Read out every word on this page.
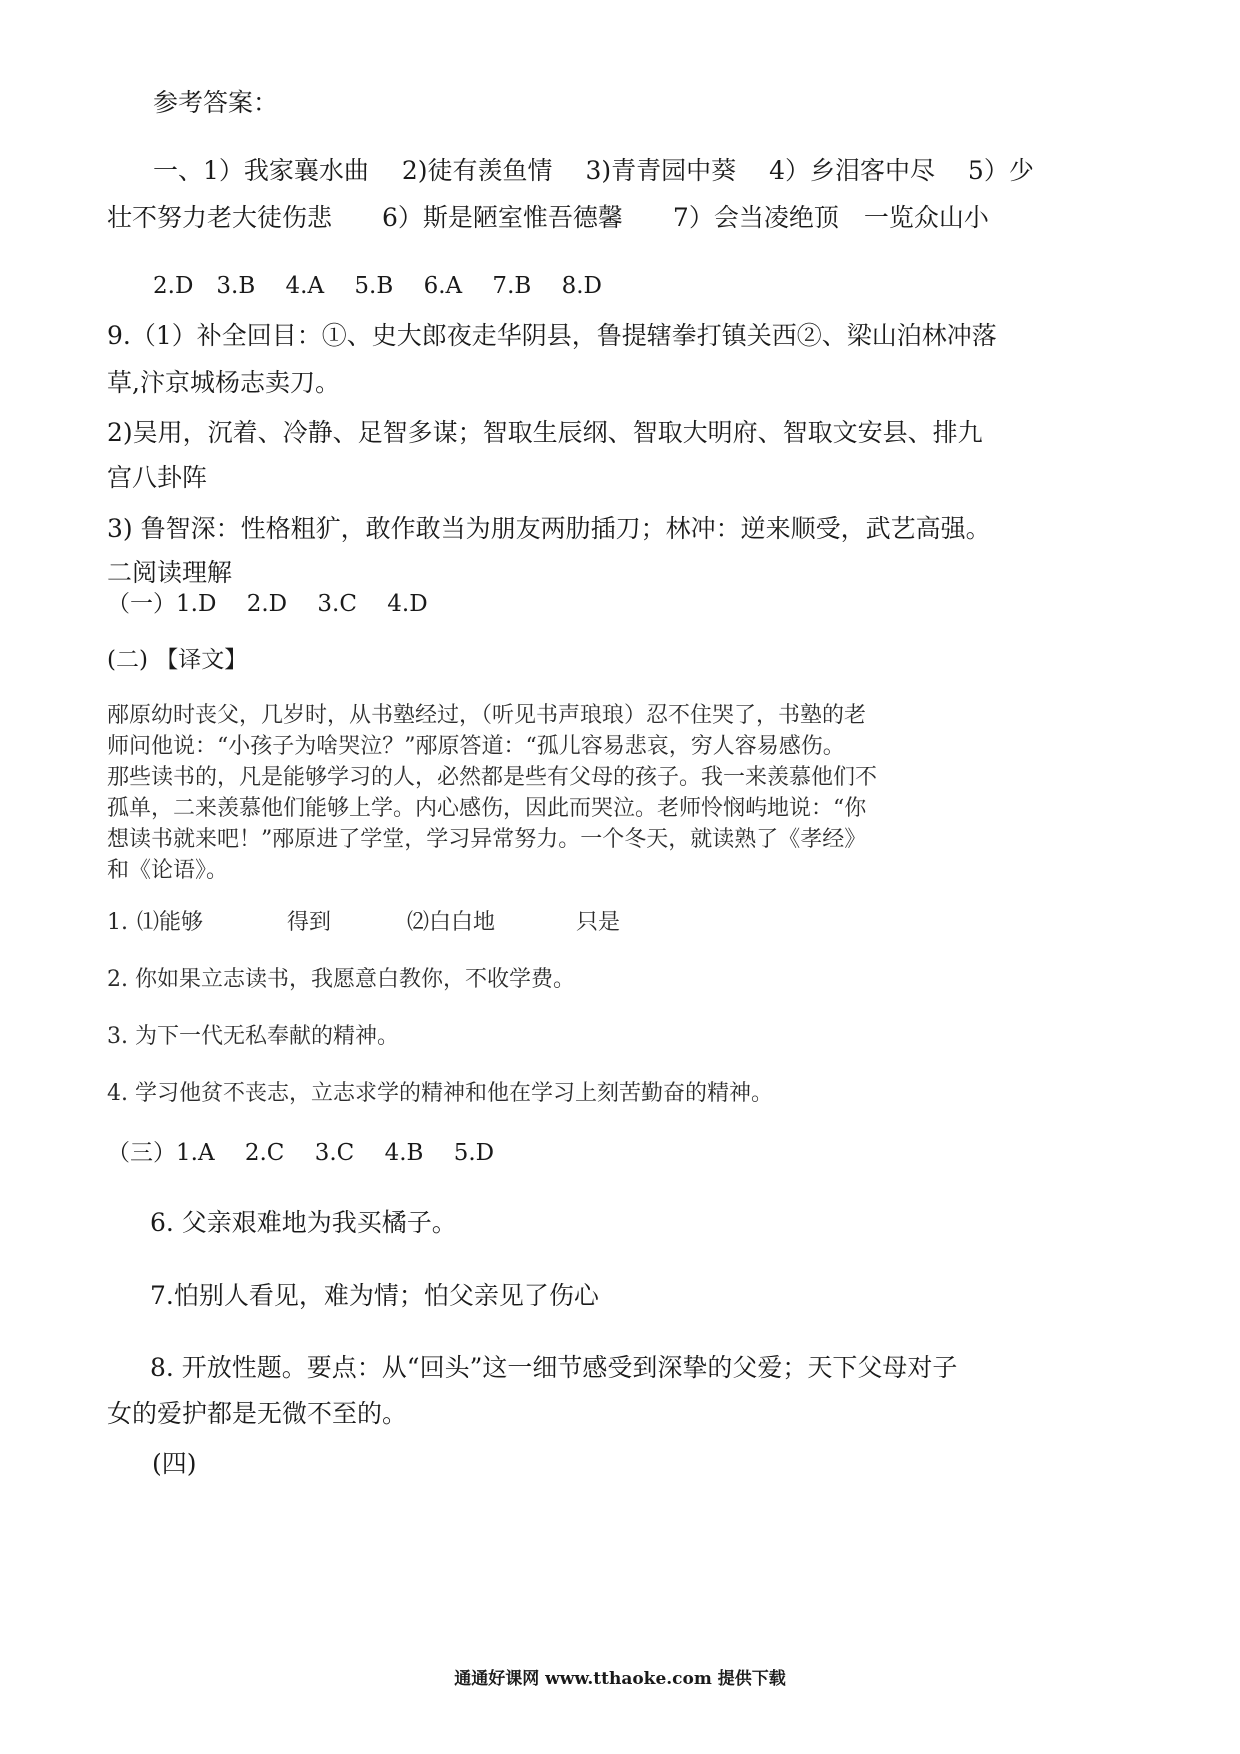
参考答案：
一、1）我家襄水曲　 2)徒有羡鱼情　 3)青青园中葵　 4）乡泪客中尽　 5）少
壮不努力老大徒伤悲　　6）斯是陋室惟吾德馨　　7）会当凌绝顶　一览众山小
2.D　3.B　 4.A　 5.B　 6.A　 7.B　 8.D
9.（1）补全回目：①、史大郎夜走华阴县，鲁提辖拳打镇关西②、梁山泊林冲落
草,汴京城杨志卖刀。
2)吴用，沉着、冷静、足智多谋；智取生辰纲、智取大明府、智取文安县、排九
宫八卦阵
3) 鲁智深：性格粗犷，敢作敢当为朋友两肋插刀；林冲：逆来顺受，武艺高强。
二阅读理解
（一）1.D　 2.D　 3.C　 4.D
(二) 【译文】
邴原幼时丧父，几岁时，从书塾经过，（听见书声琅琅）忍不住哭了，书塾的老
师问他说：“小孩子为啥哭泣？”邴原答道：“孤儿容易悲哀，穷人容易感伤。
那些读书的，凡是能够学习的人，必然都是些有父母的孩子。我一来羡慕他们不
孤单，二来羡慕他们能够上学。内心感伤，因此而哭泣。老师怜悯屿地说：“你
想读书就来吧！”邴原进了学堂，学习异常努力。一个冬天，就读熟了《孝经》
和《论语》。
1. ⑴能够	得到	⑵白白地	只是
2. 你如果立志读书，我愿意白教你，不收学费。
3. 为下一代无私奉献的精神。
4. 学习他贫不丧志，立志求学的精神和他在学习上刻苦勤奋的精神。
（三）1.A　 2.C　 3.C　 4.B　 5.D
6. 父亲艰难地为我买橘子。
7.怕别人看见，难为情；怕父亲见了伤心
8. 开放性题。要点：从“回头”这一细节感受到深挚的父爱；天下父母对子
女的爱护都是无微不至的。
(四)
通通好课网 www.tthaoke.com 提供下载
